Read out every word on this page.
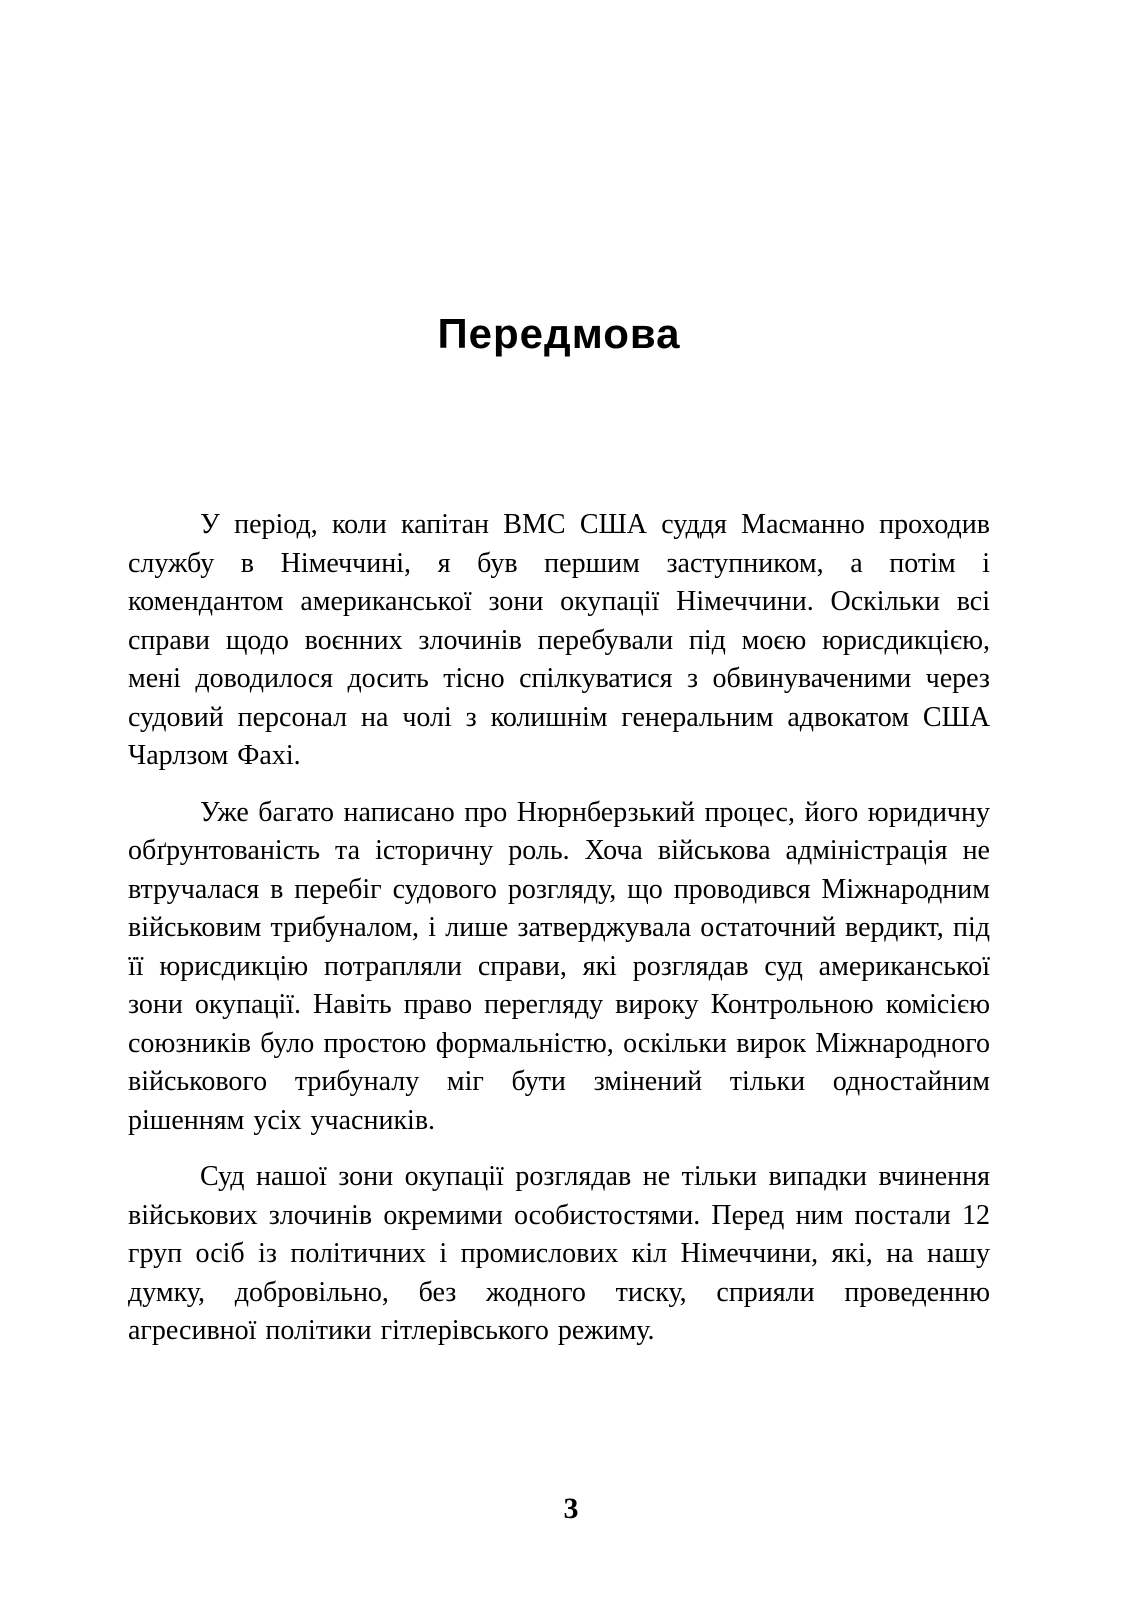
Передмова

У період, коли капітан ВМС США суддя Масманно проходив службу в Німеччині, я був першим заступником, а потім і комендантом американської зони окупації Німеччини. Оскільки всі справи щодо воєнних злочинів перебували під моєю юрисдикцією, мені доводилося досить тісно спілкуватися з обвинуваченими через судовий персонал на чолі з колишнім генеральним адвокатом США Чарлзом Фахі.

Уже багато написано про Нюрнберзький процес, його юридичну обґрунтованість та історичну роль. Хоча військова адміністрація не втручалася в перебіг судового розгляду, що проводився Міжнародним військовим трибуналом, і лише затверджувала остаточний вердикт, під її юрисдикцію потрапляли справи, які розглядав суд американської зони окупації. Навіть право перегляду вироку Контрольною комісією союзників було простою формальністю, оскільки вирок Міжнародного військового трибуналу міг бути змінений тільки одностайним рішенням усіх учасників.

Суд нашої зони окупації розглядав не тільки випадки вчинення військових злочинів окремими особистостями. Перед ним постали 12 груп осіб із політичних і промислових кіл Німеччини, які, на нашу думку, добровільно, без жодного тиску, сприяли проведенню агресивної політики гітлерівського режиму.

3
